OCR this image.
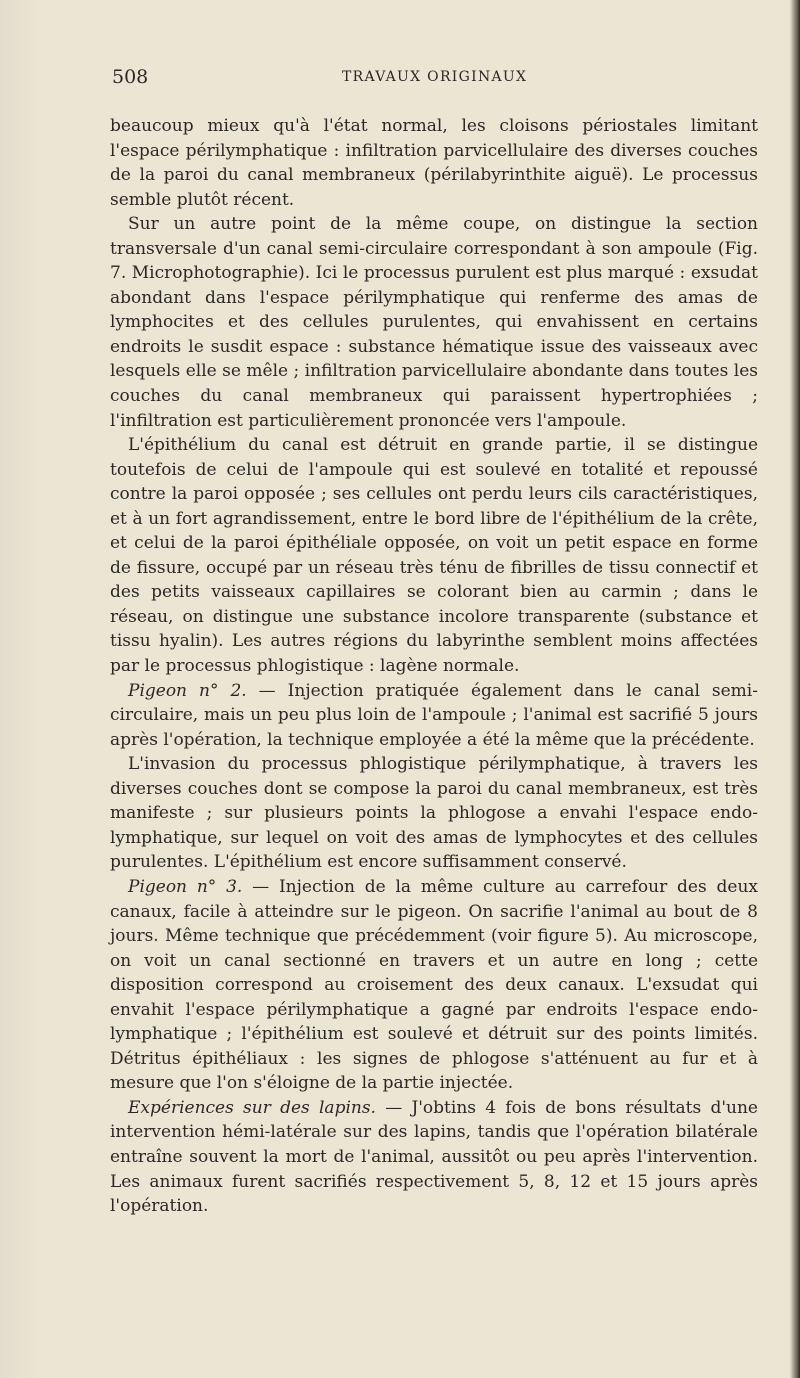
508	TRAVAUX ORIGINAUX

beaucoup mieux qu'à l'état normal, les cloisons périostales limitant l'espace périlymphatique : infiltration parvicellulaire des diverses couches de la paroi du canal membraneux (périlabyrinthite aiguë). Le processus semble plutôt récent.

Sur un autre point de la même coupe, on distingue la section transversale d'un canal semi-circulaire correspondant à son ampoule (Fig. 7. Microphotographie). Ici le processus purulent est plus marqué : exsudat abondant dans l'espace périlymphatique qui renferme des amas de lymphocites et des cellules purulentes, qui envahissent en certains endroits le susdit espace : substance hématique issue des vaisseaux avec lesquels elle se mêle ; infiltration parvicellulaire abondante dans toutes les couches du canal membraneux qui paraissent hypertrophiées ; l'infiltration est particulièrement prononcée vers l'ampoule.

L'épithélium du canal est détruit en grande partie, il se distingue toutefois de celui de l'ampoule qui est soulevé en totalité et repoussé contre la paroi opposée ; ses cellules ont perdu leurs cils caractéristiques, et à un fort agrandissement, entre le bord libre de l'épithélium de la crête, et celui de la paroi épithéliale opposée, on voit un petit espace en forme de fissure, occupé par un réseau très ténu de fibrilles de tissu connectif et des petits vaisseaux capillaires se colorant bien au carmin ; dans le réseau, on distingue une substance incolore transparente (substance et tissu hyalin). Les autres régions du labyrinthe semblent moins affectées par le processus phlogistique : lagène normale.

Pigeon n° 2. — Injection pratiquée également dans le canal semi-circulaire, mais un peu plus loin de l'ampoule ; l'animal est sacrifié 5 jours après l'opération, la technique employée a été la même que la précédente.

L'invasion du processus phlogistique périlymphatique, à travers les diverses couches dont se compose la paroi du canal membraneux, est très manifeste ; sur plusieurs points la phlogose a envahi l'espace endo-lymphatique, sur lequel on voit des amas de lymphocytes et des cellules purulentes. L'épithélium est encore suffisamment conservé.

Pigeon n° 3. — Injection de la même culture au carrefour des deux canaux, facile à atteindre sur le pigeon. On sacrifie l'animal au bout de 8 jours. Même technique que précédemment (voir figure 5). Au microscope, on voit un canal sectionné en travers et un autre en long ; cette disposition correspond au croisement des deux canaux. L'exsudat qui envahit l'espace périlymphatique a gagné par endroits l'espace endo-lymphatique ; l'épithélium est soulevé et détruit sur des points limités. Détritus épithéliaux : les signes de phlogose s'atténuent au fur et à mesure que l'on s'éloigne de la partie injectée.

Expériences sur des lapins. — J'obtins 4 fois de bons résultats d'une intervention hémi-latérale sur des lapins, tandis que l'opération bilatérale entraîne souvent la mort de l'animal, aussitôt ou peu après l'intervention. Les animaux furent sacrifiés respectivement 5, 8, 12 et 15 jours après l'opération.
